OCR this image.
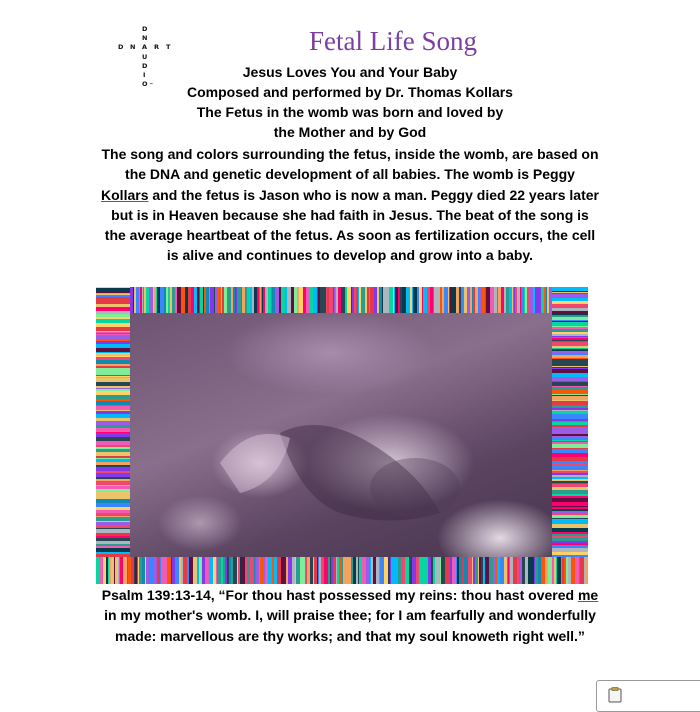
D
N
A
U
D
I
O ™
D N	R T	Fetal Life Song
Jesus Loves You and Your Baby
Composed and performed by Dr. Thomas Kollars
The Fetus in the womb was born and loved by
the Mother and by God
The song and colors surrounding the fetus, inside the womb, are based on the DNA and genetic development of all babies. The womb is Peggy Kollars and the fetus is Jason who is now a man. Peggy died 22 years later but is in Heaven because she had faith in Jesus. The beat of the song is the average heartbeat of the fetus. As soon as fertilization occurs, the cell is alive and continues to develop and grow into a baby.
Psalm 139:13-14, “For thou hast possessed my reins: thou hast overed me in my mother's womb. I, will praise thee; for I am fearfully and wonderfully made: marvellous are thy works; and that my soul knoweth right well.”
